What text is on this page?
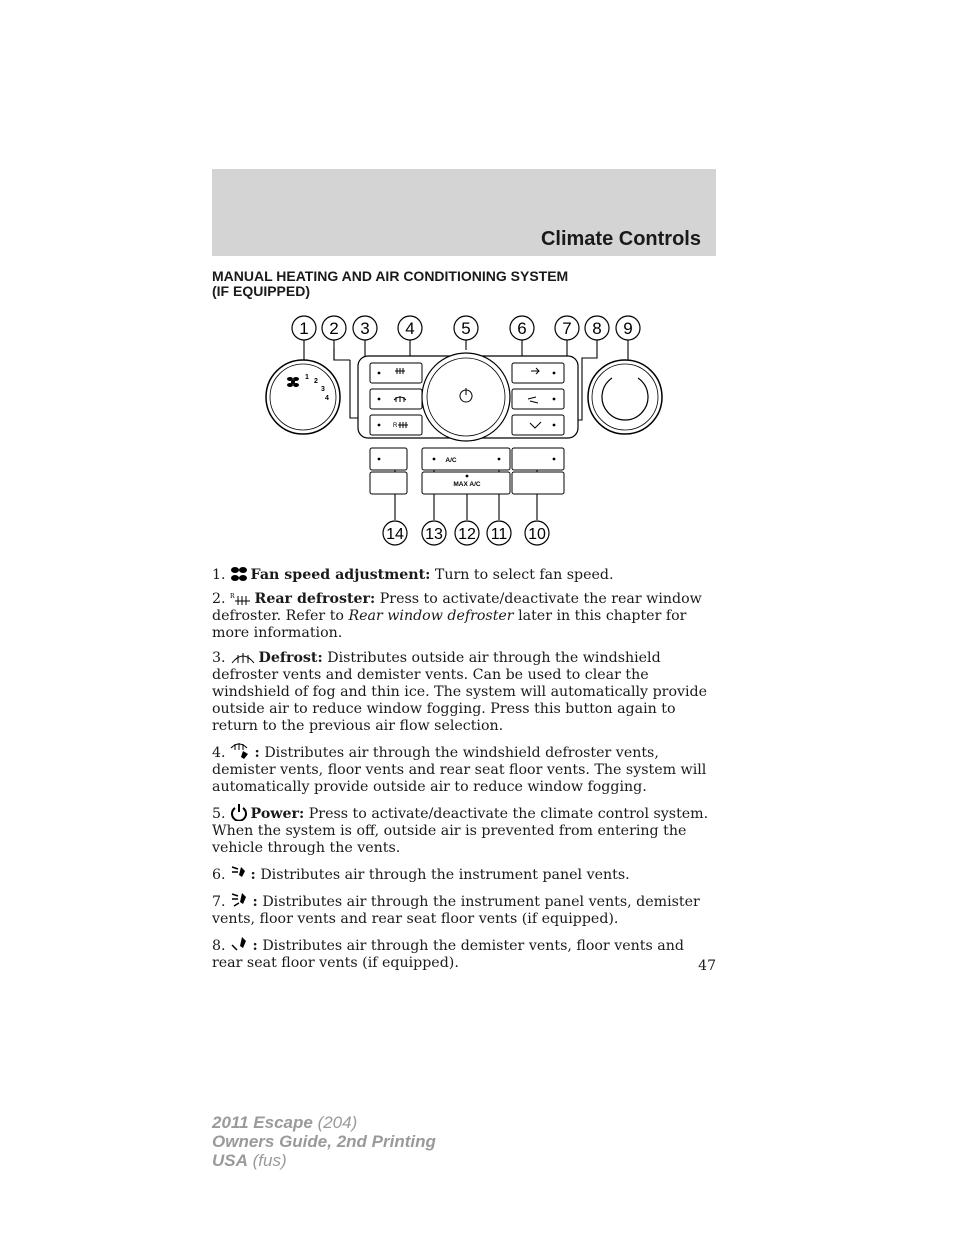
Climate Controls
MANUAL HEATING AND AIR CONDITIONING SYSTEM
(IF EQUIPPED)
1 2 3 4	5	6 7 8 9
1
2
3
4
R
A/C
MAX A/C
14 13 12 11 10

1. Fan speed adjustment: Turn to select fan speed.

2. R Rear defroster: Press to activate/deactivate the rear window defroster. Refer to Rear window defroster later in this chapter for more information.

3. Defrost: Distributes outside air through the windshield defroster vents and demister vents. Can be used to clear the windshield of fog and thin ice. The system will automatically provide outside air to reduce window fogging. Press this button again to return to the previous air flow selection.

4. : Distributes air through the windshield defroster vents, demister vents, floor vents and rear seat floor vents. The system will automatically provide outside air to reduce window fogging.

5. Power: Press to activate/deactivate the climate control system. When the system is off, outside air is prevented from entering the vehicle through the vents.

6. : Distributes air through the instrument panel vents.

7. : Distributes air through the instrument panel vents, demister vents, floor vents and rear seat floor vents (if equipped).

8. : Distributes air through the demister vents, floor vents and rear seat floor vents (if equipped).	47
2011 Escape (204)
Owners Guide, 2nd Printing
USA (fus)
